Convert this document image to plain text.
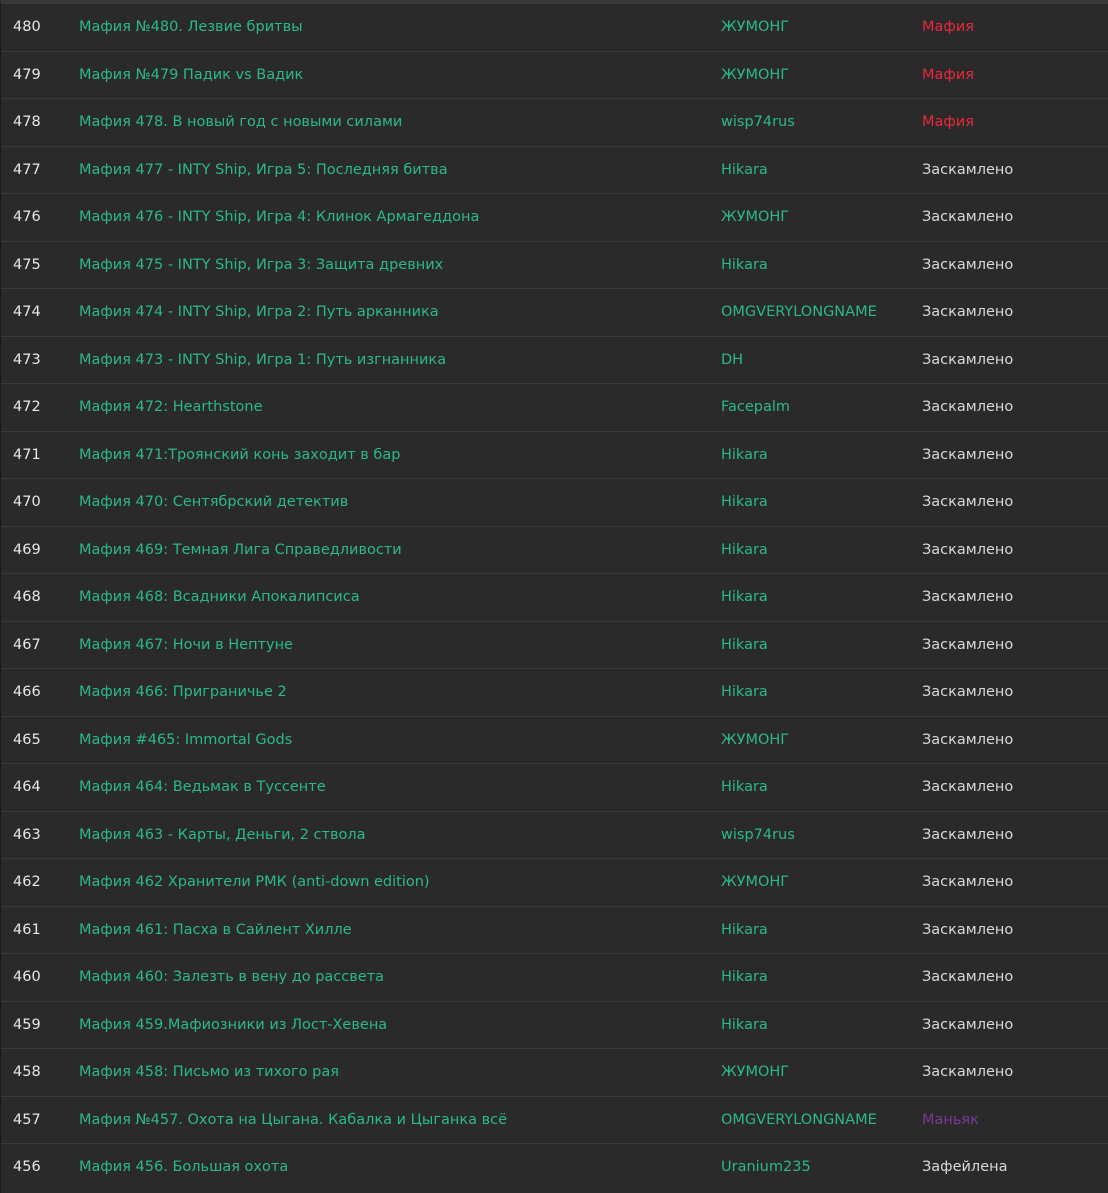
480	Мафия №480. Лезвие бритвы	ЖУМОНГ	Мафия
479	Мафия №479 Падик vs Вадик	ЖУМОНГ	Мафия
478	Мафия 478. В новый год с новыми силами	wisp74rus	Мафия
477	Мафия 477 - INTY Ship, Игра 5: Последняя битва	Hikara	Заскамлено
476	Мафия 476 - INTY Ship, Игра 4: Клинок Армагеддона	ЖУМОНГ	Заскамлено
475	Мафия 475 - INTY Ship, Игра 3: Защита древних	Hikara	Заскамлено
474	Мафия 474 - INTY Ship, Игра 2: Путь арканника	OMGVERYLONGNAME	Заскамлено
473	Мафия 473 - INTY Ship, Игра 1: Путь изгнанника	DH	Заскамлено
472	Мафия 472: Hearthstone	Facepalm	Заскамлено
471	Мафия 471:Троянский конь заходит в бар	Hikara	Заскамлено
470	Мафия 470: Сентябрский детектив	Hikara	Заскамлено
469	Мафия 469: Темная Лига Справедливости	Hikara	Заскамлено
468	Мафия 468: Всадники Апокалипсиса	Hikara	Заскамлено
467	Мафия 467: Ночи в Нептуне	Hikara	Заскамлено
466	Мафия 466: Приграничье 2	Hikara	Заскамлено
465	Мафия #465: Immortal Gods	ЖУМОНГ	Заскамлено
464	Мафия 464: Ведьмак в Туссенте	Hikara	Заскамлено
463	Мафия 463 - Карты, Деньги, 2 ствола	wisp74rus	Заскамлено
462	Мафия 462 Хранители РМК (anti-down edition)	ЖУМОНГ	Заскамлено
461	Мафия 461: Пасха в Сайлент Хилле	Hikara	Заскамлено
460	Мафия 460: Залезть в вену до рассвета	Hikara	Заскамлено
459	Мафия 459.Мафиозники из Лост-Хевена	Hikara	Заскамлено
458	Мафия 458: Письмо из тихого рая	ЖУМОНГ	Заскамлено
457	Мафия №457. Охота на Цыгана. Кабалка и Цыганка всё	OMGVERYLONGNAME	Маньяк
456	Мафия 456. Большая охота	Uranium235	Зафейлена
